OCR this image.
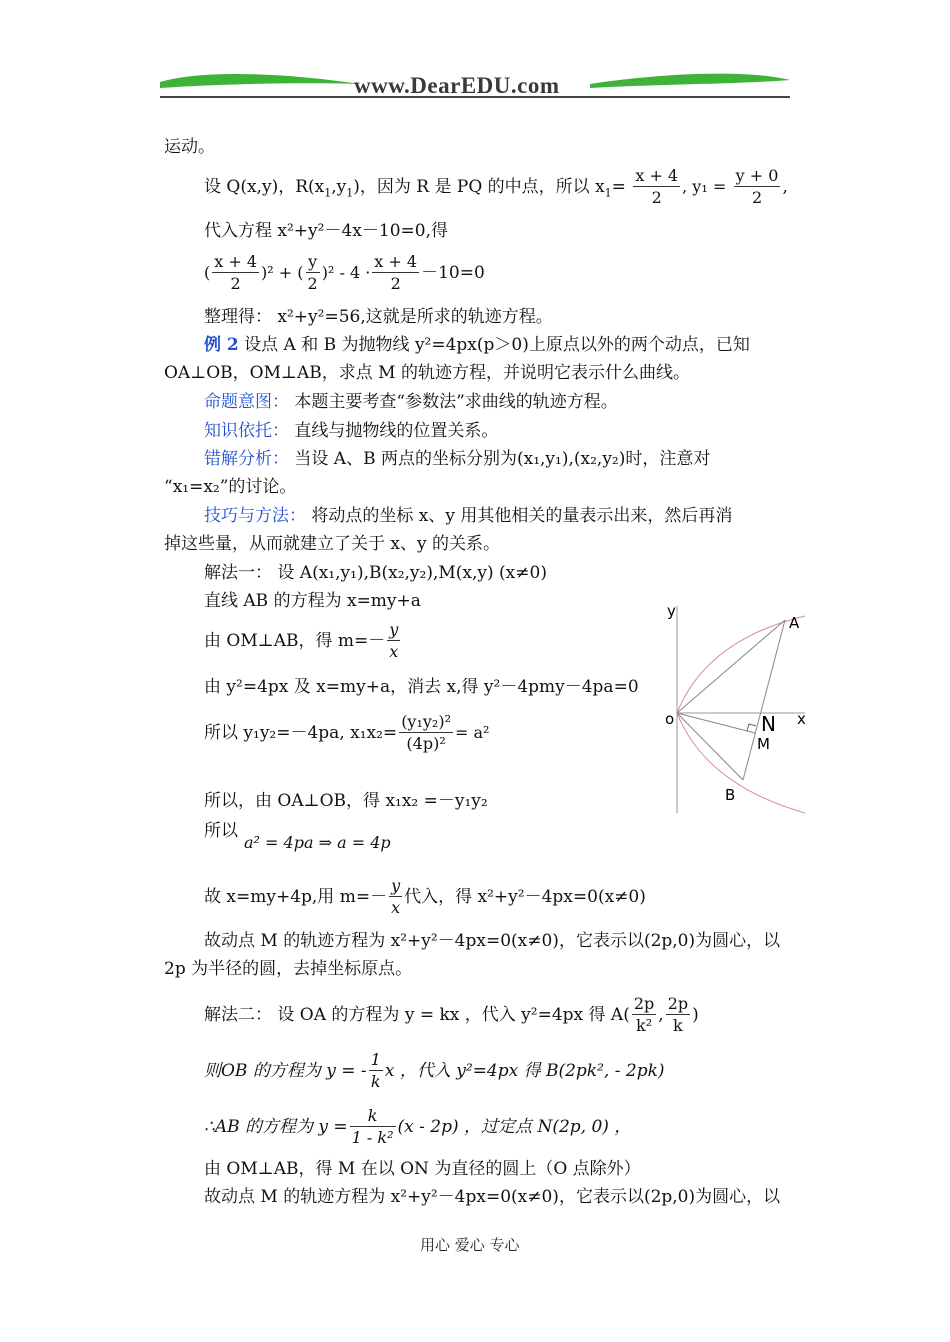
www.DearEDU.com
运动。
设 Q(x,y)，$R(x_1,y_1)$，因为 R 是 PQ 的中点，所以 $x_1= \frac{x + 4}{2}$ , $y_1 = \frac{y + 0}{2}$ ,
代入方程 x²+y²－4x－10=0,得
( $\frac{x + 4}{2} )^2$ + ( $\frac{y}{2} )^2 - 4 \cdot \frac{x + 4}{2} -10=0$
整理得： x²+y²=56,这就是所求的轨迹方程。
例 2 设点 A 和 B 为抛物线 y²=4px(p＞0)上原点以外的两个动点，已知
OA⊥OB，OM⊥AB，求点 M 的轨迹方程，并说明它表示什么曲线。
命题意图： 本题主要考查“参数法”求曲线的轨迹方程。
知识依托： 直线与抛物线的位置关系。
错解分析： 当设 A、B 两点的坐标分别为(x₁,y₁),(x₂,y₂)时，注意对
“x₁=x₂”的讨论。
技巧与方法： 将动点的坐标 x、y 用其他相关的量表示出来，然后再消
掉这些量，从而就建立了关于 x、y 的关系。
解法一： 设 A(x₁,y₁),B(x₂,y₂),M(x,y) (x≠0)
直线 AB 的方程为 x=my+a
由 OM⊥AB，得 $m=- \frac{y}{x}$
由 y²=4px 及 x=my+a，消去 x,得 y²－4pmy－4pa=0
所以 y₁y₂=－4pa, $x_1x_2= \frac{\text{(y₁y₂)²}}{\text{(4p)²}} = a^2$
所以，由 OA⊥OB，得 x₁x₂ =－y₁y₂
所以
a² = 4pa ⇒ a = 4p
故 x=my+4p,用 $m=- \frac{y}{x}$ 代入，得 x²+y²－4px=0(x≠0)
故动点 M 的轨迹方程为 x²+y²－4px=0(x≠0)，它表示以(2p,0)为圆心，以
2p 为半径的圆，去掉坐标原点。
解法二： 设 OA 的方程为 y = kx ，代入 y²=4px 得 $A( \frac{2p}{\text{k²}}$ , $\frac{2p}{k}$ )
则OB 的方程为 y = - $\frac{1}{k}$ x ，代入 y²=4px 得 B(2pk², - 2pk)
∴AB 的方程为 $y = \frac{k}{\text{1 - k²}} (x - 2p)$ ，过定点 N(2p, 0) ，
由 OM⊥AB，得 M 在以 ON 为直径的圆上（O 点除外）
故动点 M 的轨迹方程为 x²+y²－4px=0(x≠0)，它表示以(2p,0)为圆心，以
y
x
o
A
B
N
M
用心 爱心 专心
